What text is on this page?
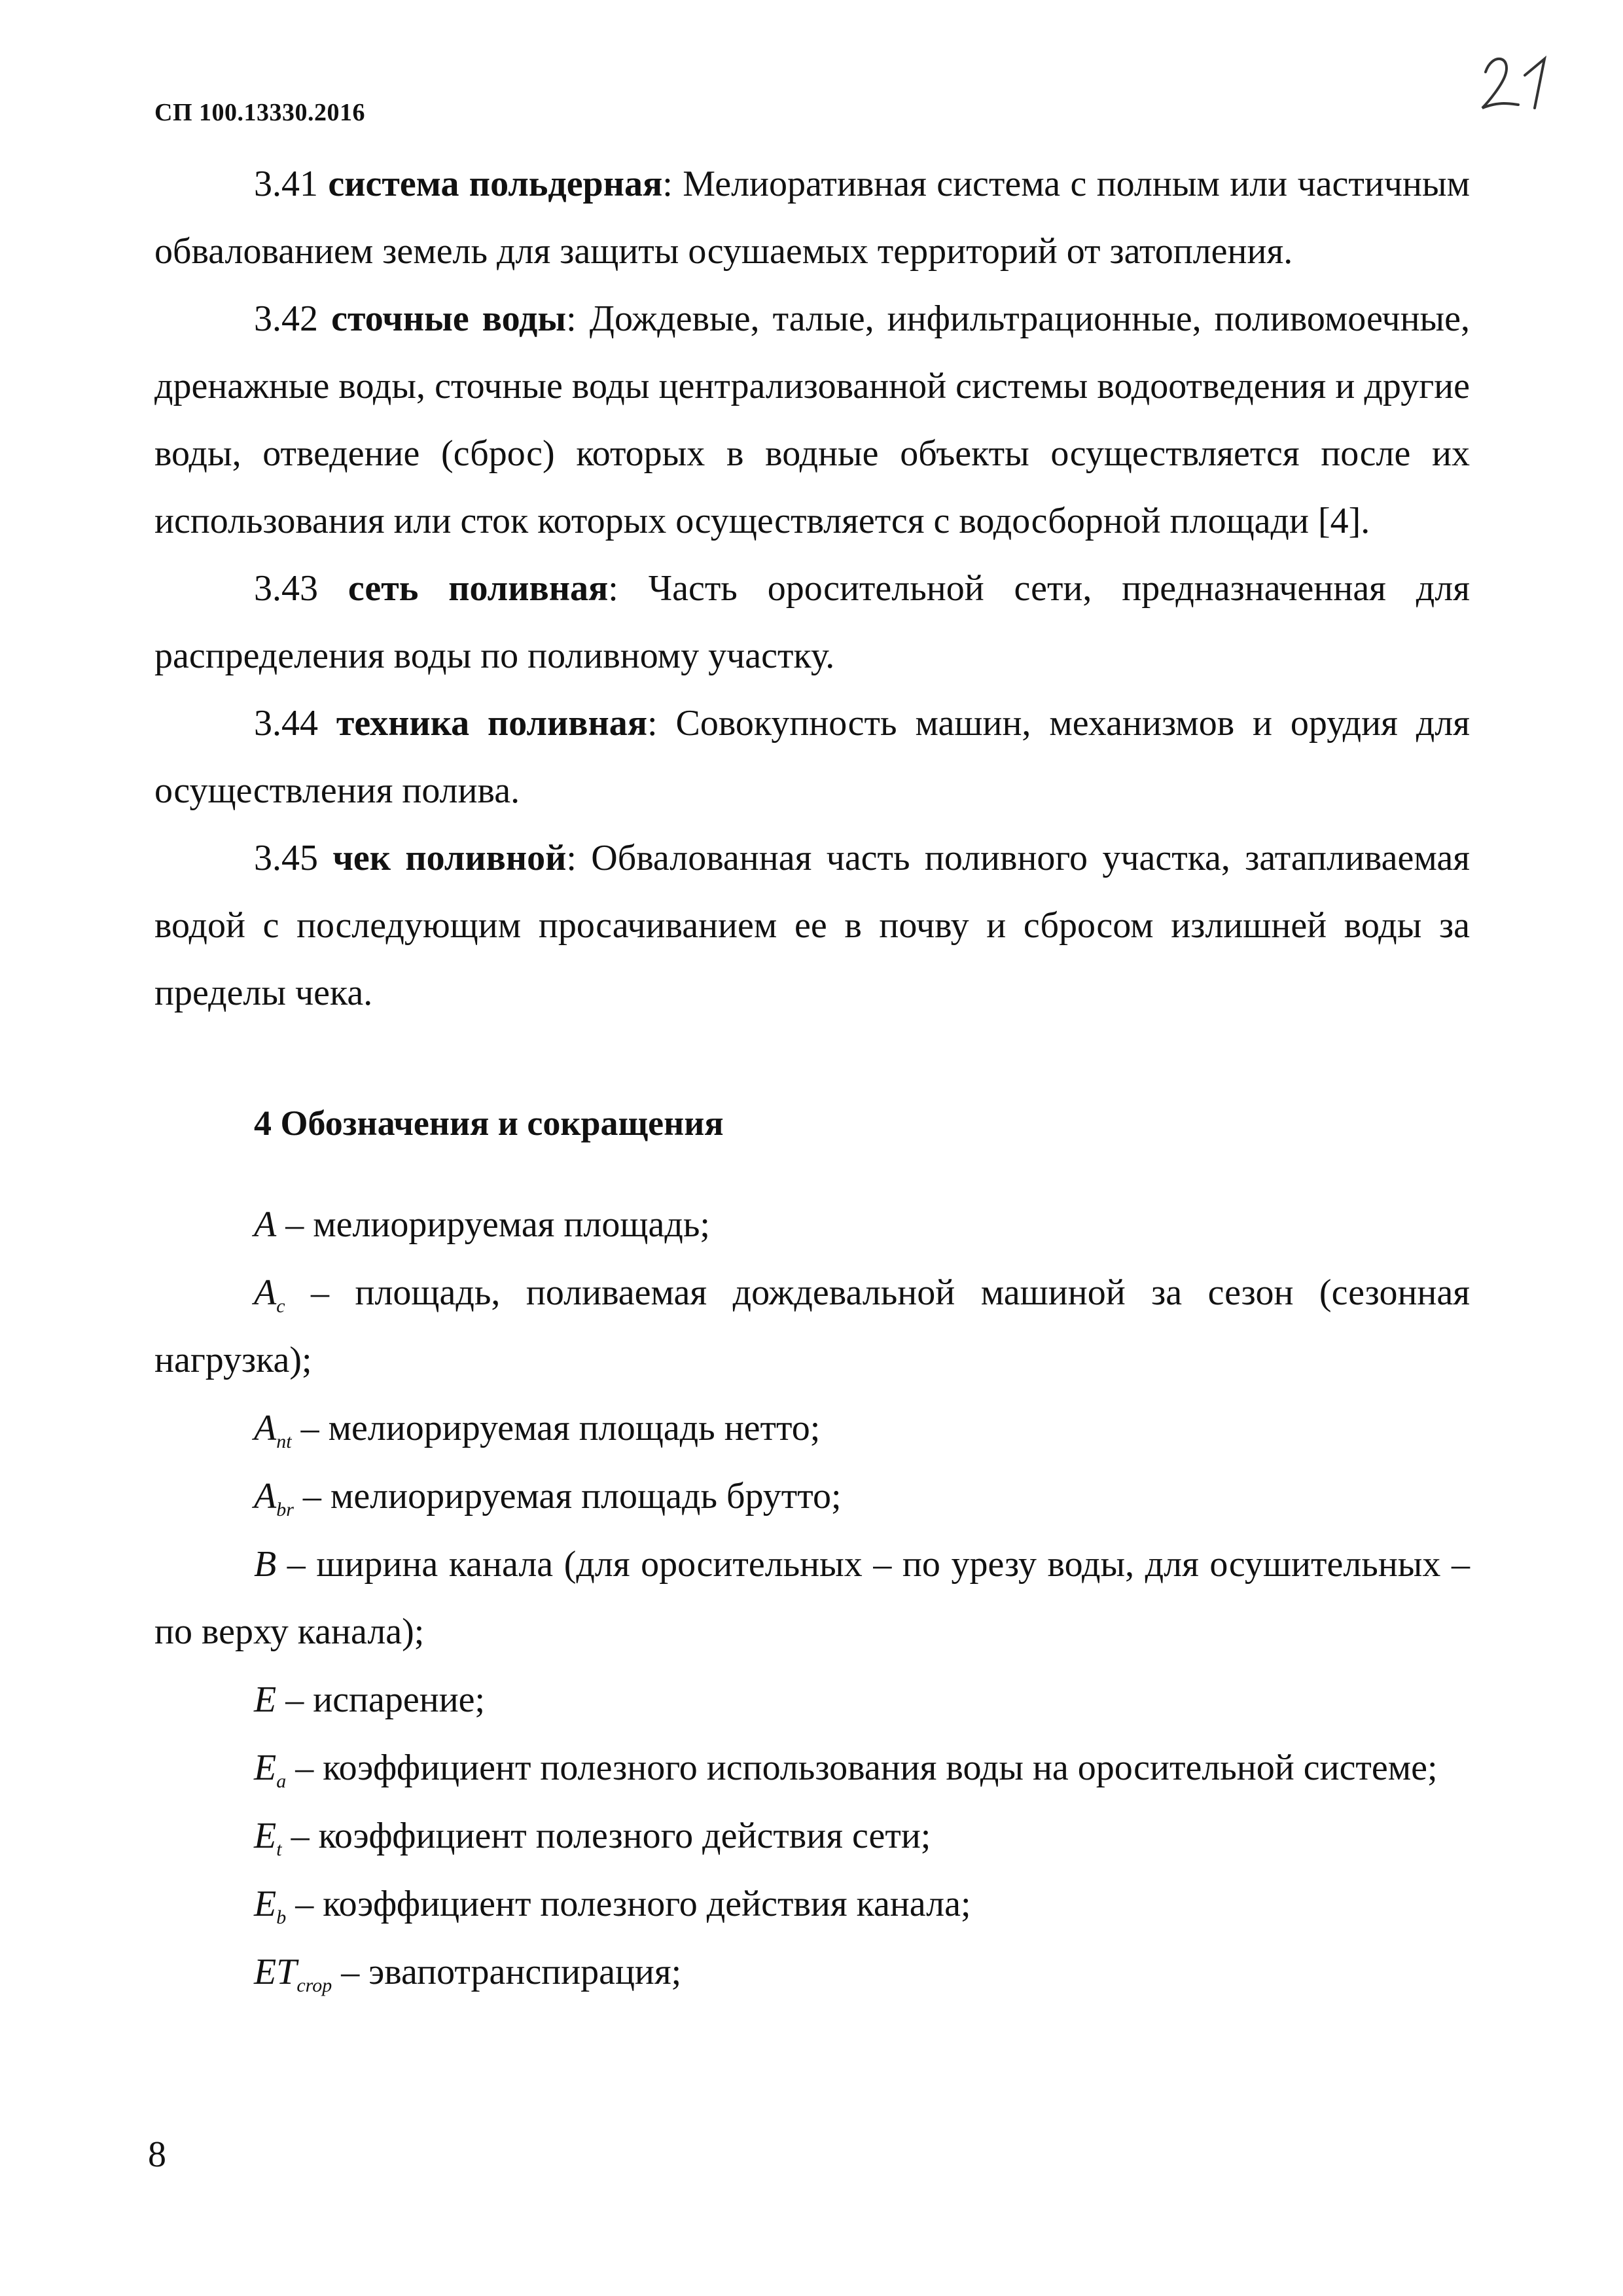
СП 100.13330.2016

3.41 система польдерная: Мелиоративная система с полным или частичным обвалованием земель для защиты осушаемых территорий от затопления.

3.42 сточные воды: Дождевые, талые, инфильтрационные, поливомоечные, дренажные воды, сточные воды централизованной системы водоотведения и другие воды, отведение (сброс) которых в водные объекты осуществляется после их использования или сток которых осуществляется с водосборной площади [4].

3.43 сеть поливная: Часть оросительной сети, предназначенная для распределения воды по поливному участку.

3.44 техника поливная: Совокупность машин, механизмов и орудия для осуществления полива.

3.45 чек поливной: Обвалованная часть поливного участка, затапливаемая водой с последующим просачиванием ее в почву и сбросом излишней воды за пределы чека.

4 Обозначения и сокращения

A – мелиорируемая площадь;

$A_c$ – площадь, поливаемая дождевальной машиной за сезон (сезонная нагрузка);

$A_{nt}$ – мелиорируемая площадь нетто;

$A_{br}$ – мелиорируемая площадь брутто;

B – ширина канала (для оросительных – по урезу воды, для осушительных –по верху канала);

E – испарение;

$E_a$ – коэффициент полезного использования воды на оросительной системе;

$E_t$ – коэффициент полезного действия сети;

$E_b$ – коэффициент полезного действия канала;

$ET_{crop}$ – эвапотранспирация;

8
